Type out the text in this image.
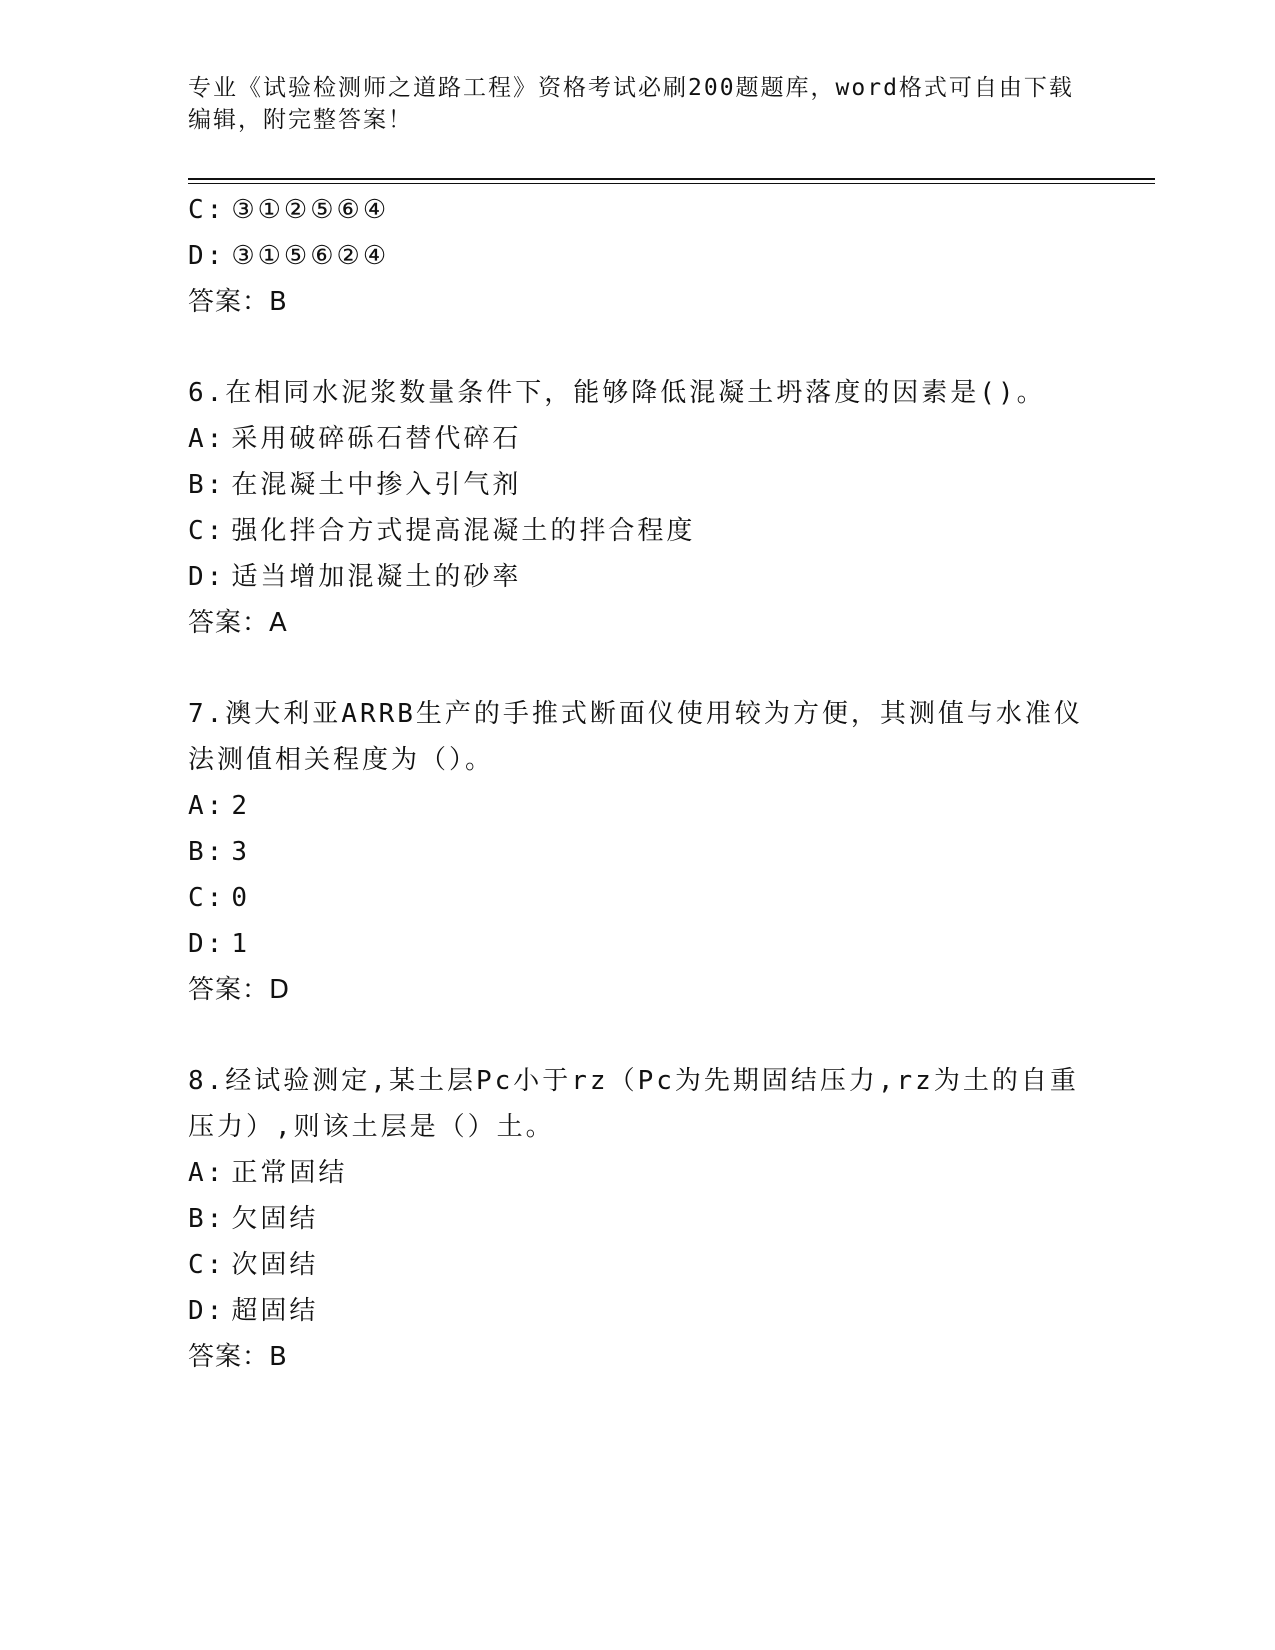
专业《试验检测师之道路工程》资格考试必刷200题题库，word格式可自由下载
编辑，附完整答案！
C: ③①②⑤⑥④
D: ③①⑤⑥②④
答案：B
6.在相同水泥浆数量条件下，能够降低混凝土坍落度的因素是()。
A: 采用破碎砾石替代碎石
B: 在混凝土中掺入引气剂
C: 强化拌合方式提高混凝土的拌合程度
D: 适当增加混凝土的砂率
答案：A
7.澳大利亚ARRB生产的手推式断面仪使用较为方便，其测值与水准仪
法测值相关程度为（）。
A: 2
B: 3
C: 0
D: 1
答案：D
8.经试验测定,某土层Pc小于rz（Pc为先期固结压力,rz为土的自重
压力）,则该土层是（）土。
A: 正常固结
B: 欠固结
C: 次固结
D: 超固结
答案：B
